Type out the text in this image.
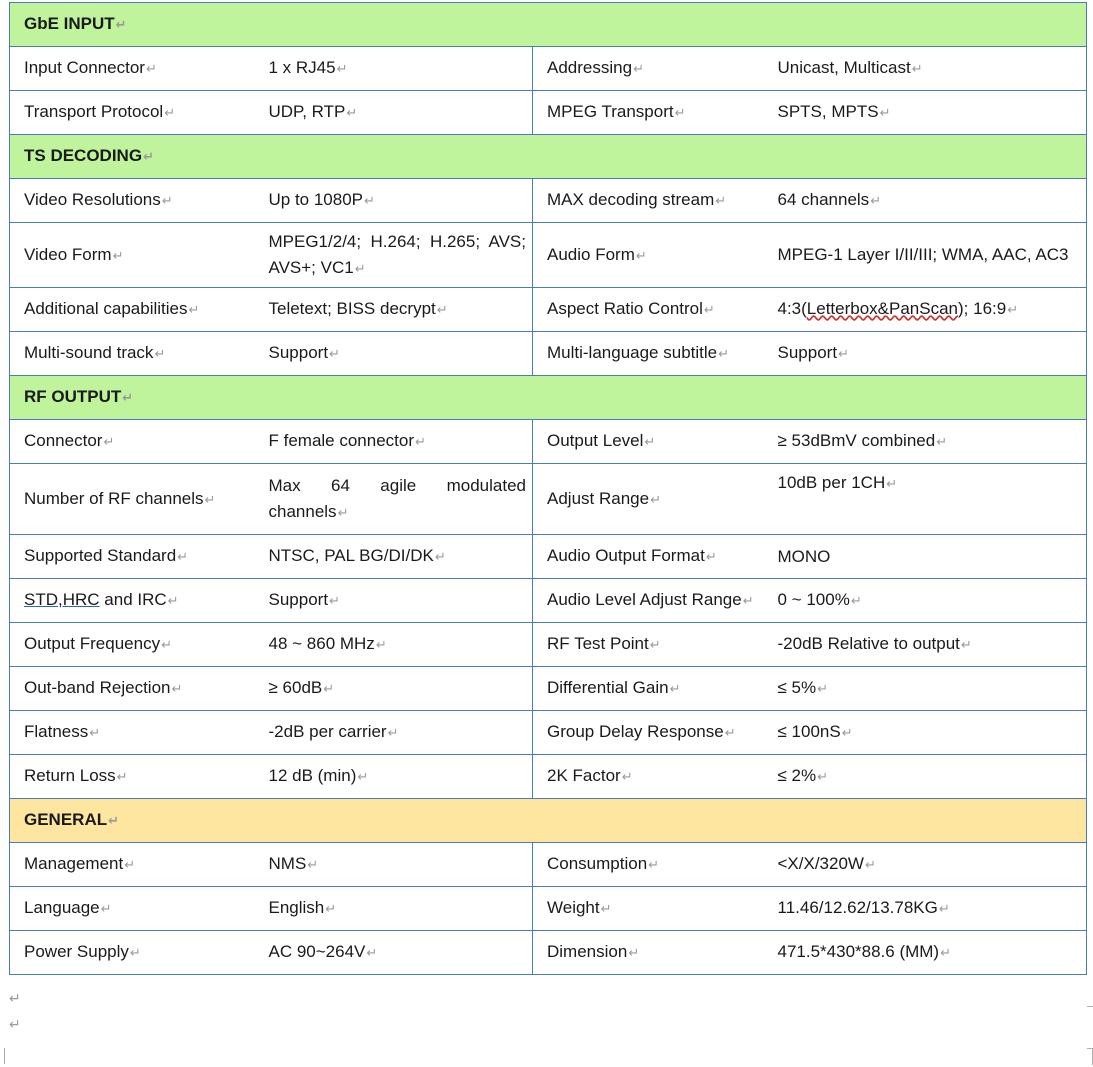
GbE INPUT↵			
Input Connector↵	1 x RJ45↵	Addressing↵	Unicast, Multicast↵
Transport Protocol↵	UDP, RTP↵	MPEG Transport↵	SPTS, MPTS↵
TS DECODING↵			
Video Resolutions↵	Up to 1080P↵	MAX decoding stream↵	64 channels↵
Video Form↵	MPEG1/2/4; H.264; H.265; AVS; AVS+; VC1↵	Audio Form↵	MPEG-1 Layer I/II/III; WMA, AAC, AC3
Additional capabilities↵	Teletext; BISS decrypt↵	Aspect Ratio Control↵	4:3(Letterbox&PanScan); 16:9↵
Multi-sound track↵	Support↵	Multi-language subtitle↵	Support↵
RF OUTPUT↵			
Connector↵	F female connector↵	Output Level↵	≥ 53dBmV combined↵
Number of RF channels↵	Max 64 agile modulated channels↵	Adjust Range↵	10dB per 1CH↵
Supported Standard↵	NTSC, PAL BG/DI/DK↵	Audio Output Format↵	MONO
STD,HRC and IRC↵	Support↵	Audio Level Adjust Range↵	0 ~ 100%↵
Output Frequency↵	48 ~ 860 MHz↵	RF Test Point↵	-20dB Relative to output↵
Out-band Rejection↵	≥ 60dB↵	Differential Gain↵	≤ 5%↵
Flatness↵	-2dB per carrier↵	Group Delay Response↵	≤ 100nS↵
Return Loss↵	12 dB (min)↵	2K Factor↵	≤ 2%↵
GENERAL↵			
Management↵	NMS↵	Consumption↵	<X/X/320W↵
Language↵	English↵	Weight↵	11.46/12.62/13.78KG↵
Power Supply↵	AC 90~264V↵	Dimension↵	471.5*430*88.6 (MM)↵
↵
↵
